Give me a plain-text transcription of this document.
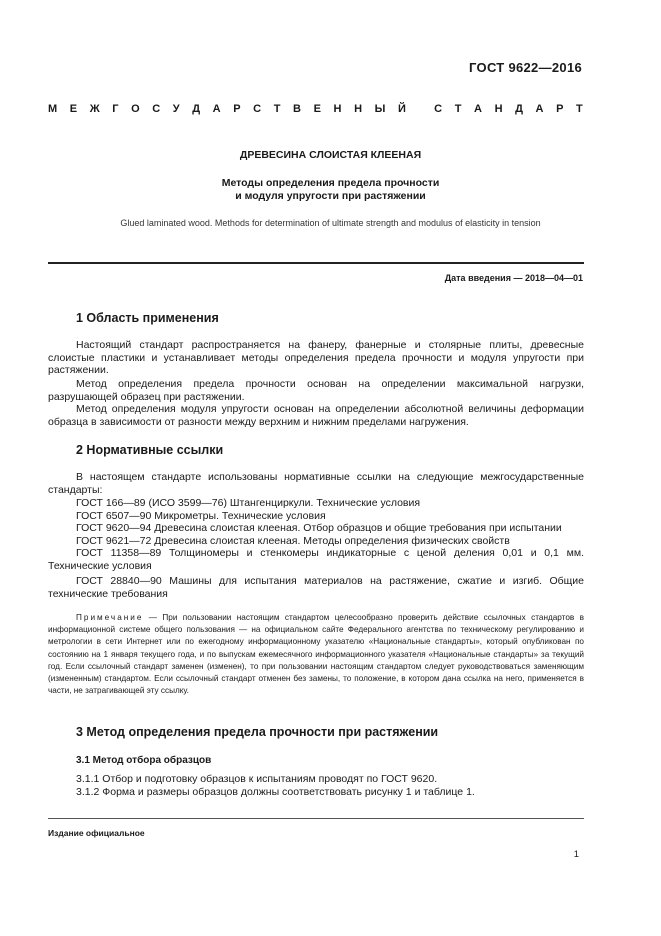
ГОСТ 9622—2016
М Е Ж Г О С У Д А Р С Т В Е Н Н Ы Й
	С Т А Н Д А Р Т
ДРЕВЕСИНА СЛОИСТАЯ КЛЕЕНАЯ
Методы определения предела прочности
и модуля упругости при растяжении
Glued laminated wood. Methods for determination of ultimate strength and modulus of elasticity in tension
Дата введения — 2018—04—01
1 Область применения
Настоящий стандарт распространяется на фанеру, фанерные и столярные плиты, древесные слоистые пластики и устанавливает методы определения предела прочности и модуля упругости при растяжении.
Метод определения предела прочности основан на определении максимальной нагрузки, разрушающей образец при растяжении.
Метод определения модуля упругости основан на определении абсолютной величины деформации образца в зависимости от разности между верхним и нижним пределами нагружения.
2 Нормативные ссылки
В настоящем стандарте использованы нормативные ссылки на следующие межгосударственные стандарты:
ГОСТ 166—89 (ИСО 3599—76) Штангенциркули. Технические условия
ГОСТ 6507—90 Микрометры. Технические условия
ГОСТ 9620—94 Древесина слоистая клееная. Отбор образцов и общие требования при испытании
ГОСТ 9621—72 Древесина слоистая клееная. Методы определения физических свойств
ГОСТ 11358—89 Толщиномеры и стенкомеры индикаторные с ценой деления 0,01 и 0,1 мм. Технические условия
ГОСТ 28840—90 Машины для испытания материалов на растяжение, сжатие и изгиб. Общие технические требования
Примечание — При пользовании настоящим стандартом целесообразно проверить действие ссылочных стандартов в информационной системе общего пользования — на официальном сайте Федерального агентства по техническому регулированию и метрологии в сети Интернет или по ежегодному информационному указателю «Национальные стандарты», который опубликован по состоянию на 1 января текущего года, и по выпускам ежемесячного информационного указателя «Национальные стандарты» за текущий год. Если ссылочный стандарт заменен (изменен), то при пользовании настоящим стандартом следует руководствоваться заменяющим (измененным) стандартом. Если ссылочный стандарт отменен без замены, то положение, в котором дана ссылка на него, применяется в части, не затрагивающей эту ссылку.
3 Метод определения предела прочности при растяжении
3.1 Метод отбора образцов
3.1.1 Отбор и подготовку образцов к испытаниям проводят по ГОСТ 9620.
3.1.2 Форма и размеры образцов должны соответствовать рисунку 1 и таблице 1.
Издание официальное
1
